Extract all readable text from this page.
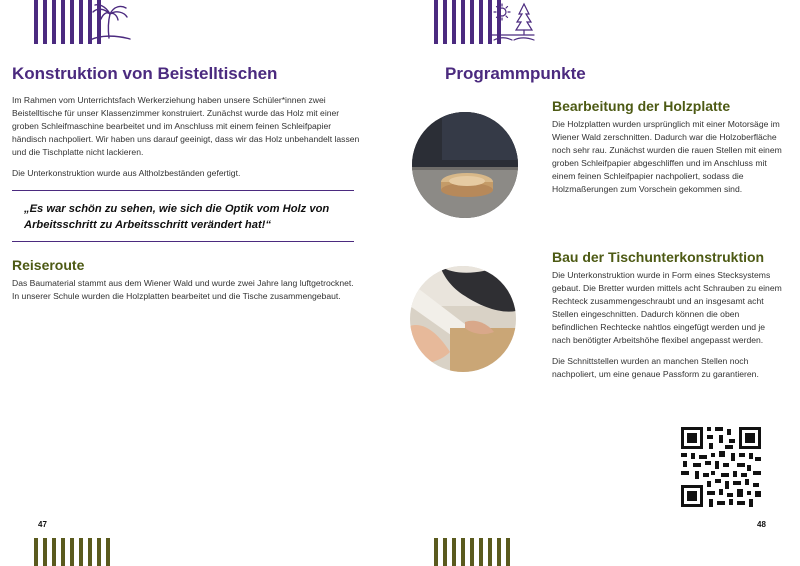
Konstruktion von Beistelltischen

Im Rahmen vom Unterrichtsfach Werkerziehung haben unsere Schüler*innen zwei Beistelltische für unser Klassenzimmer konstruiert. Zunächst wurde das Holz mit einer groben Schleifmaschine bearbeitet und im Anschluss mit einem feinen Schleifpapier händisch nachpoliert. Wir haben uns darauf geeinigt, dass wir das Holz unbehandelt lassen und die Tischplatte nicht lackieren.

Die Unterkonstruktion wurde aus Altholzbeständen gefertigt.

„Es war schön zu sehen, wie sich die Optik vom Holz von Arbeitsschritt zu Arbeitsschritt verändert hat!“
Reiseroute

Das Baumaterial stammt aus dem Wiener Wald und wurde zwei Jahre lang luftgetrocknet. In unserer Schule wurden die Holzplatten bearbeitet und die Tische zusammengebaut.

47
Programmpunkte
Bearbeitung der Holzplatte

Die Holzplatten wurden ursprünglich mit einer Motorsäge im Wiener Wald zerschnitten. Dadurch war die Holzoberfläche noch sehr rau. Zunächst wurden die rauen Stellen mit einem groben Schleifpapier abgeschliffen und im Anschluss mit einem feinen Schleifpapier nachpoliert, sodass die Holzmaßerungen zum Vorschein gekommen sind.

Bau der Tischunterkonstruktion

Die Unterkonstruktion wurde in Form eines Stecksystems gebaut. Die Bretter wurden mittels acht Schrauben zu einem Rechteck zusammengeschraubt und an insgesamt acht Stellen eingeschnitten. Dadurch können die oben befindlichen Rechtecke nahtlos eingefügt werden und je nach benötigter Arbeitshöhe flexibel angepasst werden.

Die Schnittstellen wurden an manchen Stellen noch nachpoliert, um eine genaue Passform zu garantieren.

48
